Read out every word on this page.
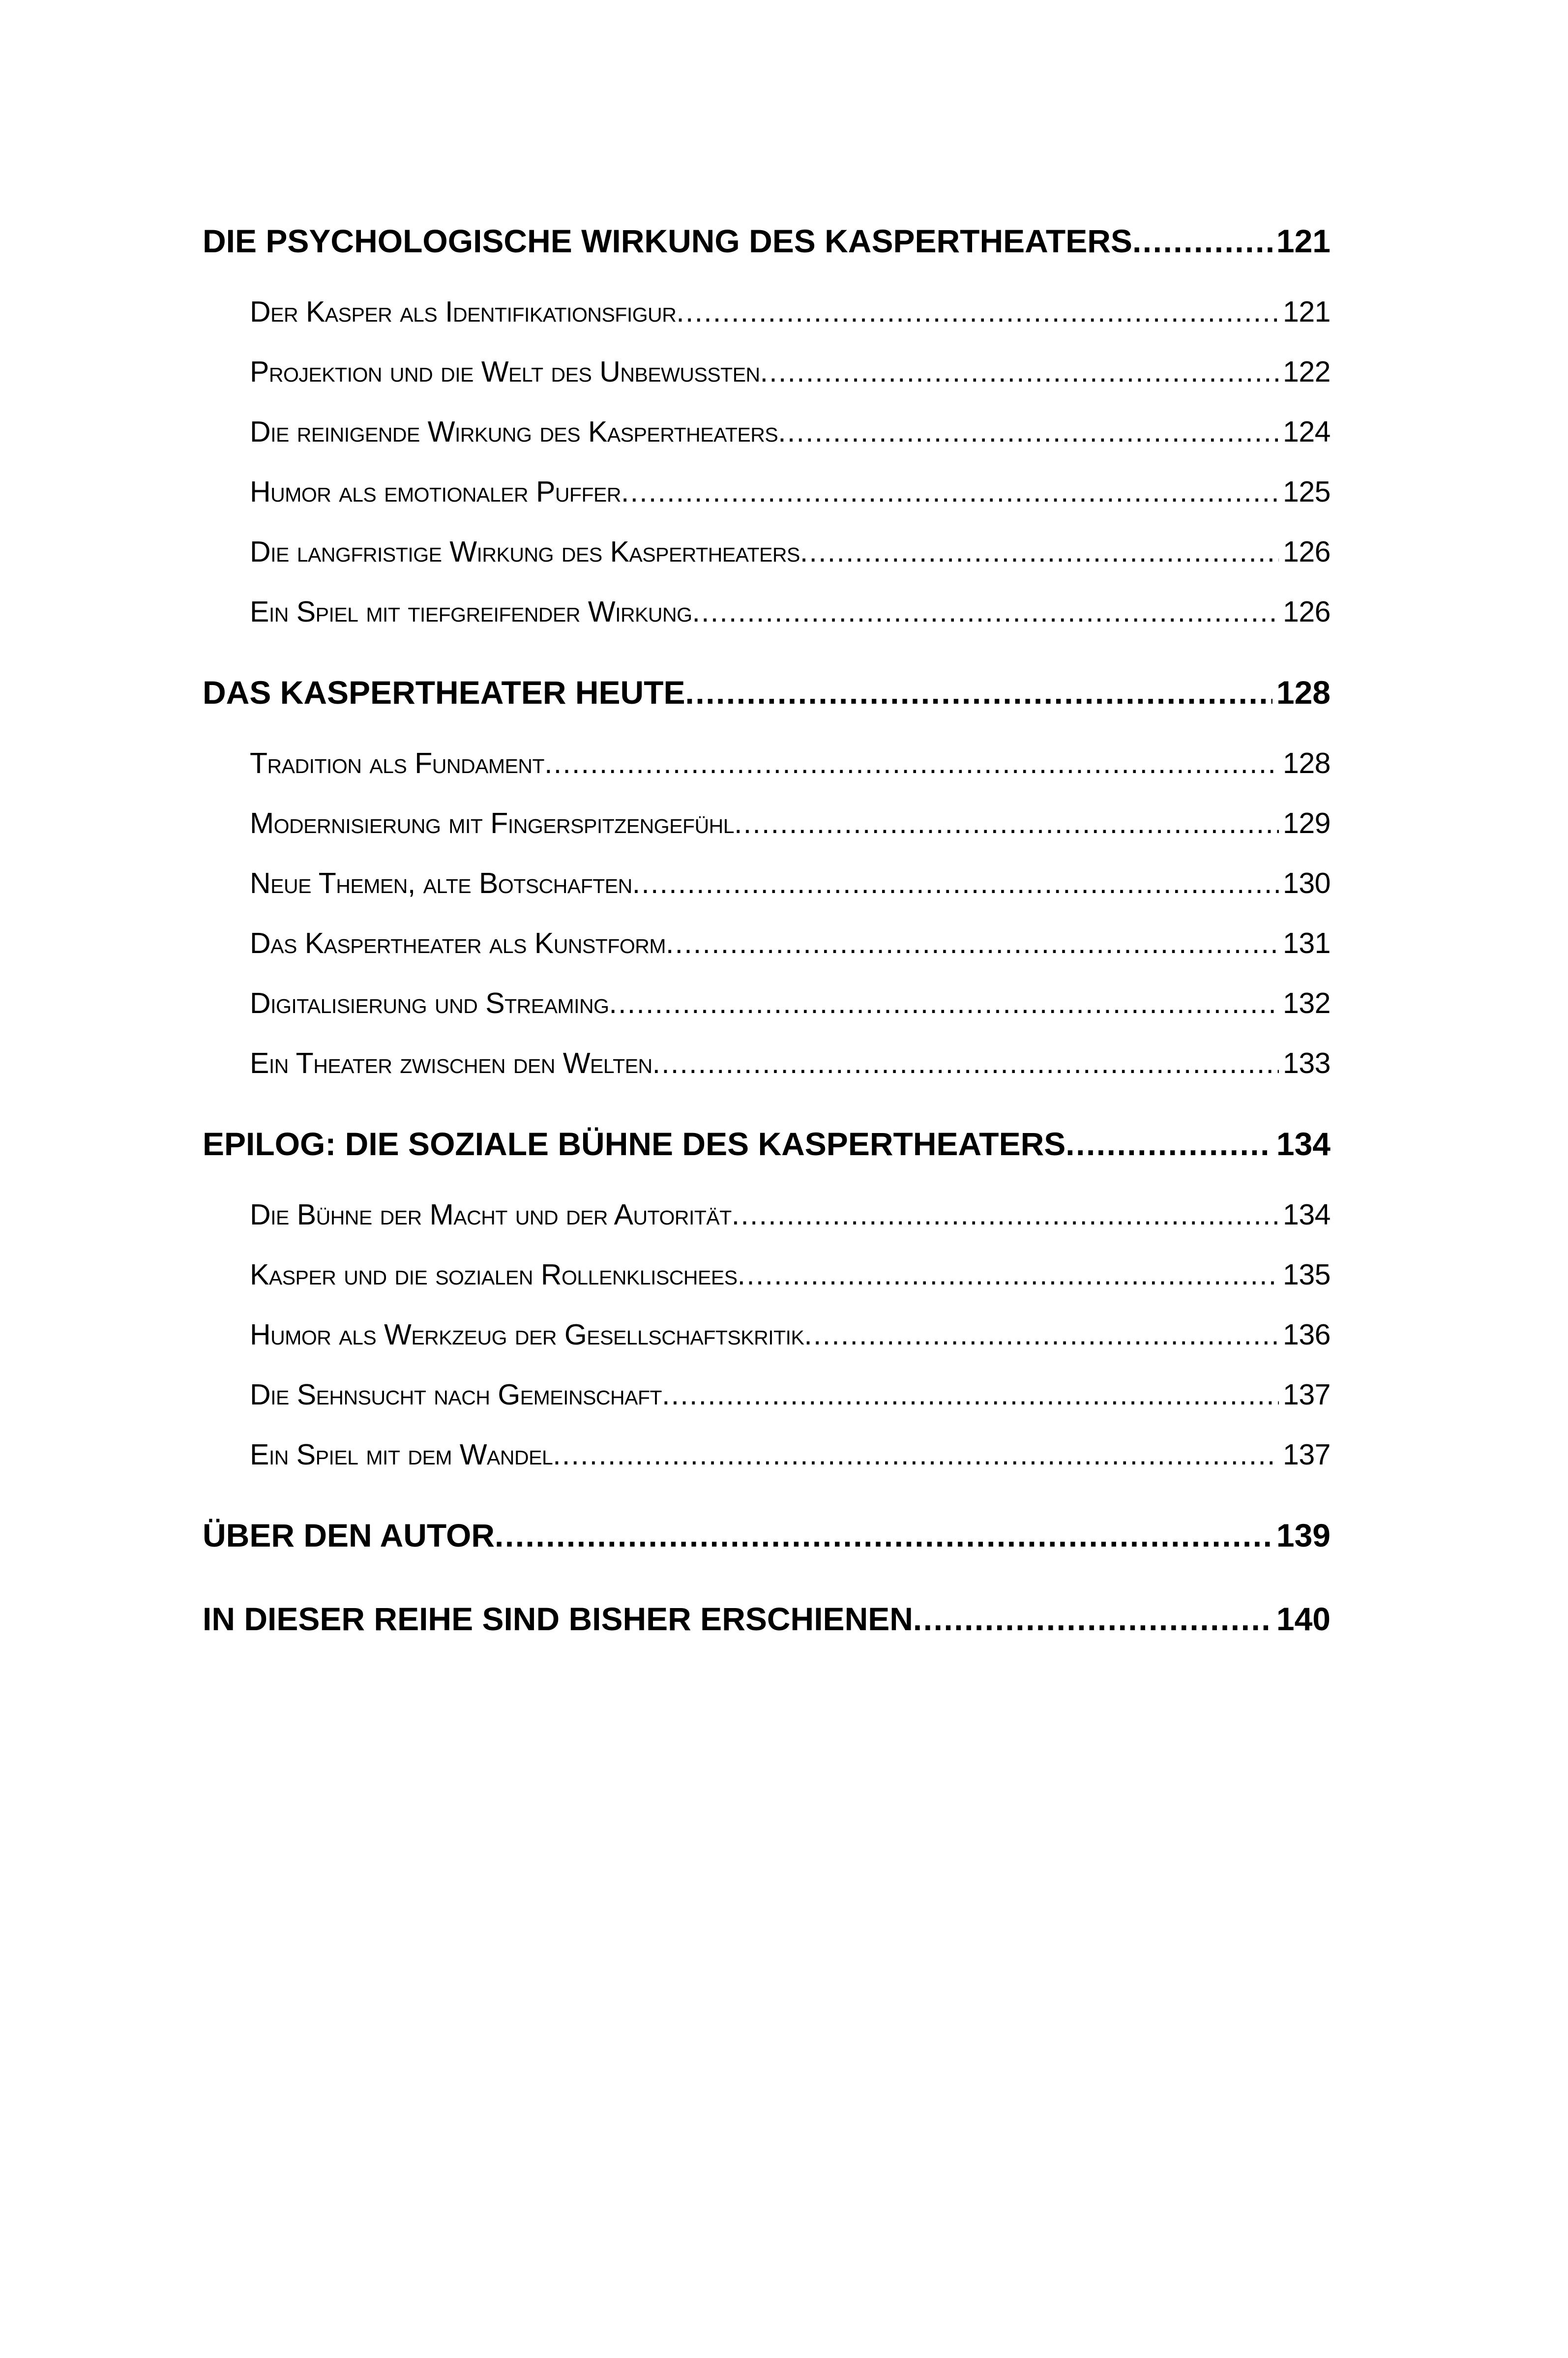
DIE PSYCHOLOGISCHE WIRKUNG DES KASPERTHEATERS . . .	121
Der Kasper als Identifikationsfigur . . .	121
Projektion und die Welt des Unbewussten . . .	122
Die reinigende Wirkung des Kaspertheaters . . .	124
Humor als emotionaler Puffer . . .	125
Die langfristige Wirkung des Kaspertheaters . . .	126
Ein Spiel mit tiefgreifender Wirkung . . .	126
DAS KASPERTHEATER HEUTE . . .	128
Tradition als Fundament . . .	128
Modernisierung mit Fingerspitzengefühl . . .	129
Neue Themen, alte Botschaften . . .	130
Das Kaspertheater als Kunstform . . .	131
Digitalisierung und Streaming . . .	132
Ein Theater zwischen den Welten . . .	133
EPILOG: DIE SOZIALE BÜHNE DES KASPERTHEATERS . . .	134
Die Bühne der Macht und der Autorität . . .	134
Kasper und die sozialen Rollenklischees . . .	135
Humor als Werkzeug der Gesellschaftskritik . . .	136
Die Sehnsucht nach Gemeinschaft . . .	137
Ein Spiel mit dem Wandel . . .	137
ÜBER DEN AUTOR . . .	139
IN DIESER REIHE SIND BISHER ERSCHIENEN . . .	140
